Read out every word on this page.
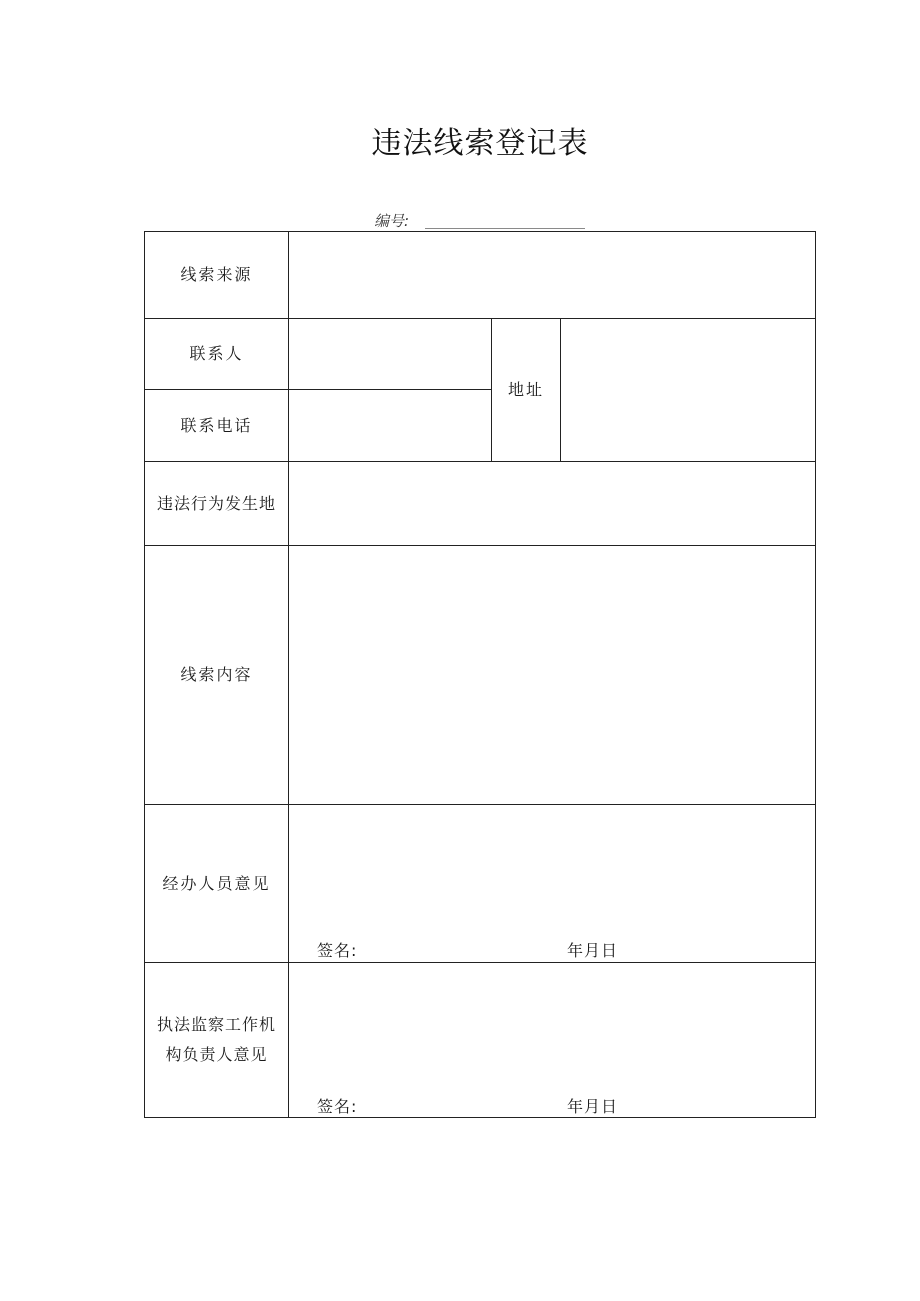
违法线索登记表
编号:
线索来源
联系人
联系电话
地址
违法行为发生地
线索内容
经办人员意见
签名:	年月日
执法监察工作机
构负责人意见
签名:	年月日
